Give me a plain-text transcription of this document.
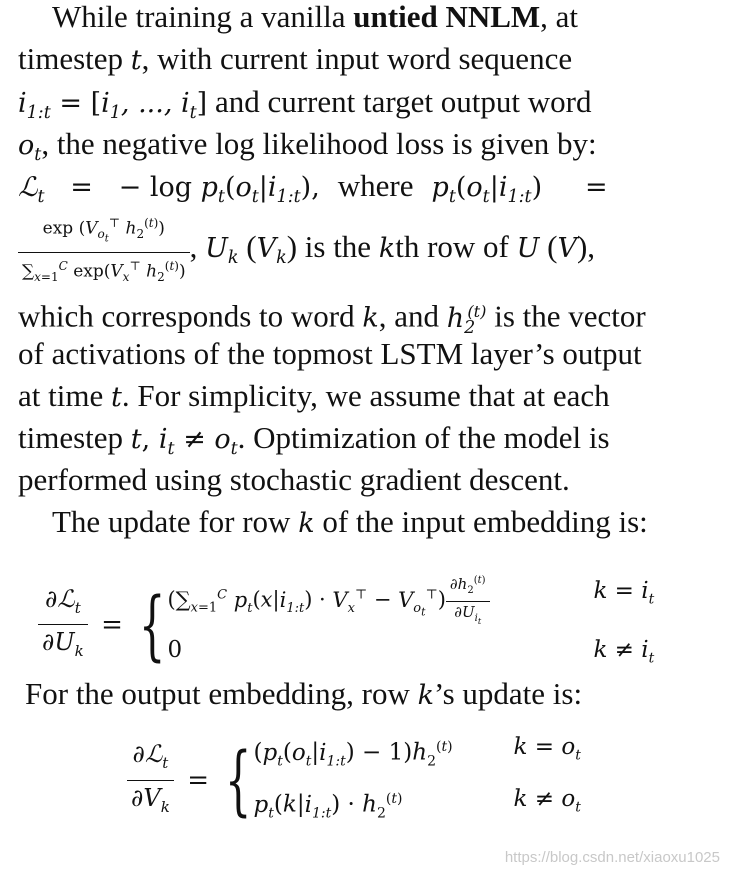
While training a vanilla untied NNLM, at
timestep t, with current input word sequence
$i_{1:t} = [i_1$, ..., $i_t$] and current target output word
$o_t$, the negative log likelihood loss is given by:
ℒ$_t$ = − $\log p_t(o_t|i_{1:t})$, where $p_t(o_t|i_{1:t})$ =
$\frac{\exp (V_{o_t}^⊤ h_2^{(t)})}{\sum_{x=1}^C \exp(V_x^⊤ h_2^{(t)})}$ , $U_k$ $(V_k)$ is the kth row of U (V),
which corresponds to word k, and $h_2^{(t)}$ is the vector
of activations of the topmost LSTM layer’s output
at time t. For simplicity, we assume that at each
timestep t, $i_t \ne o_t$. Optimization of the model is
performed using stochastic gradient descent.
The update for row k of the input embedding is:
$\frac{\partial ℒ_t}{\partial U_k}$ = { ($\sum_{x=1}^C$ $p_t(x|i_{1:t}) \cdot V_x^⊤ - V_{o_t}^⊤) \frac{\partial h_2^{(t)}}{\partial U_{i_t}}$	$k = i_t$
0	$k \ne i_t$
For the output embedding, row k’s update is:
$\frac{\partial ℒ_t}{\partial V_k}$ = { $(p_t(o_t|i_{1:t}) - 1)h_2^{(t)}$	$k = o_t$
$p_t(k|i_{1:t}) \cdot h_2^{(t)}$	$k \ne o_t$
https://blog.csdn.net/xiaoxu1025
